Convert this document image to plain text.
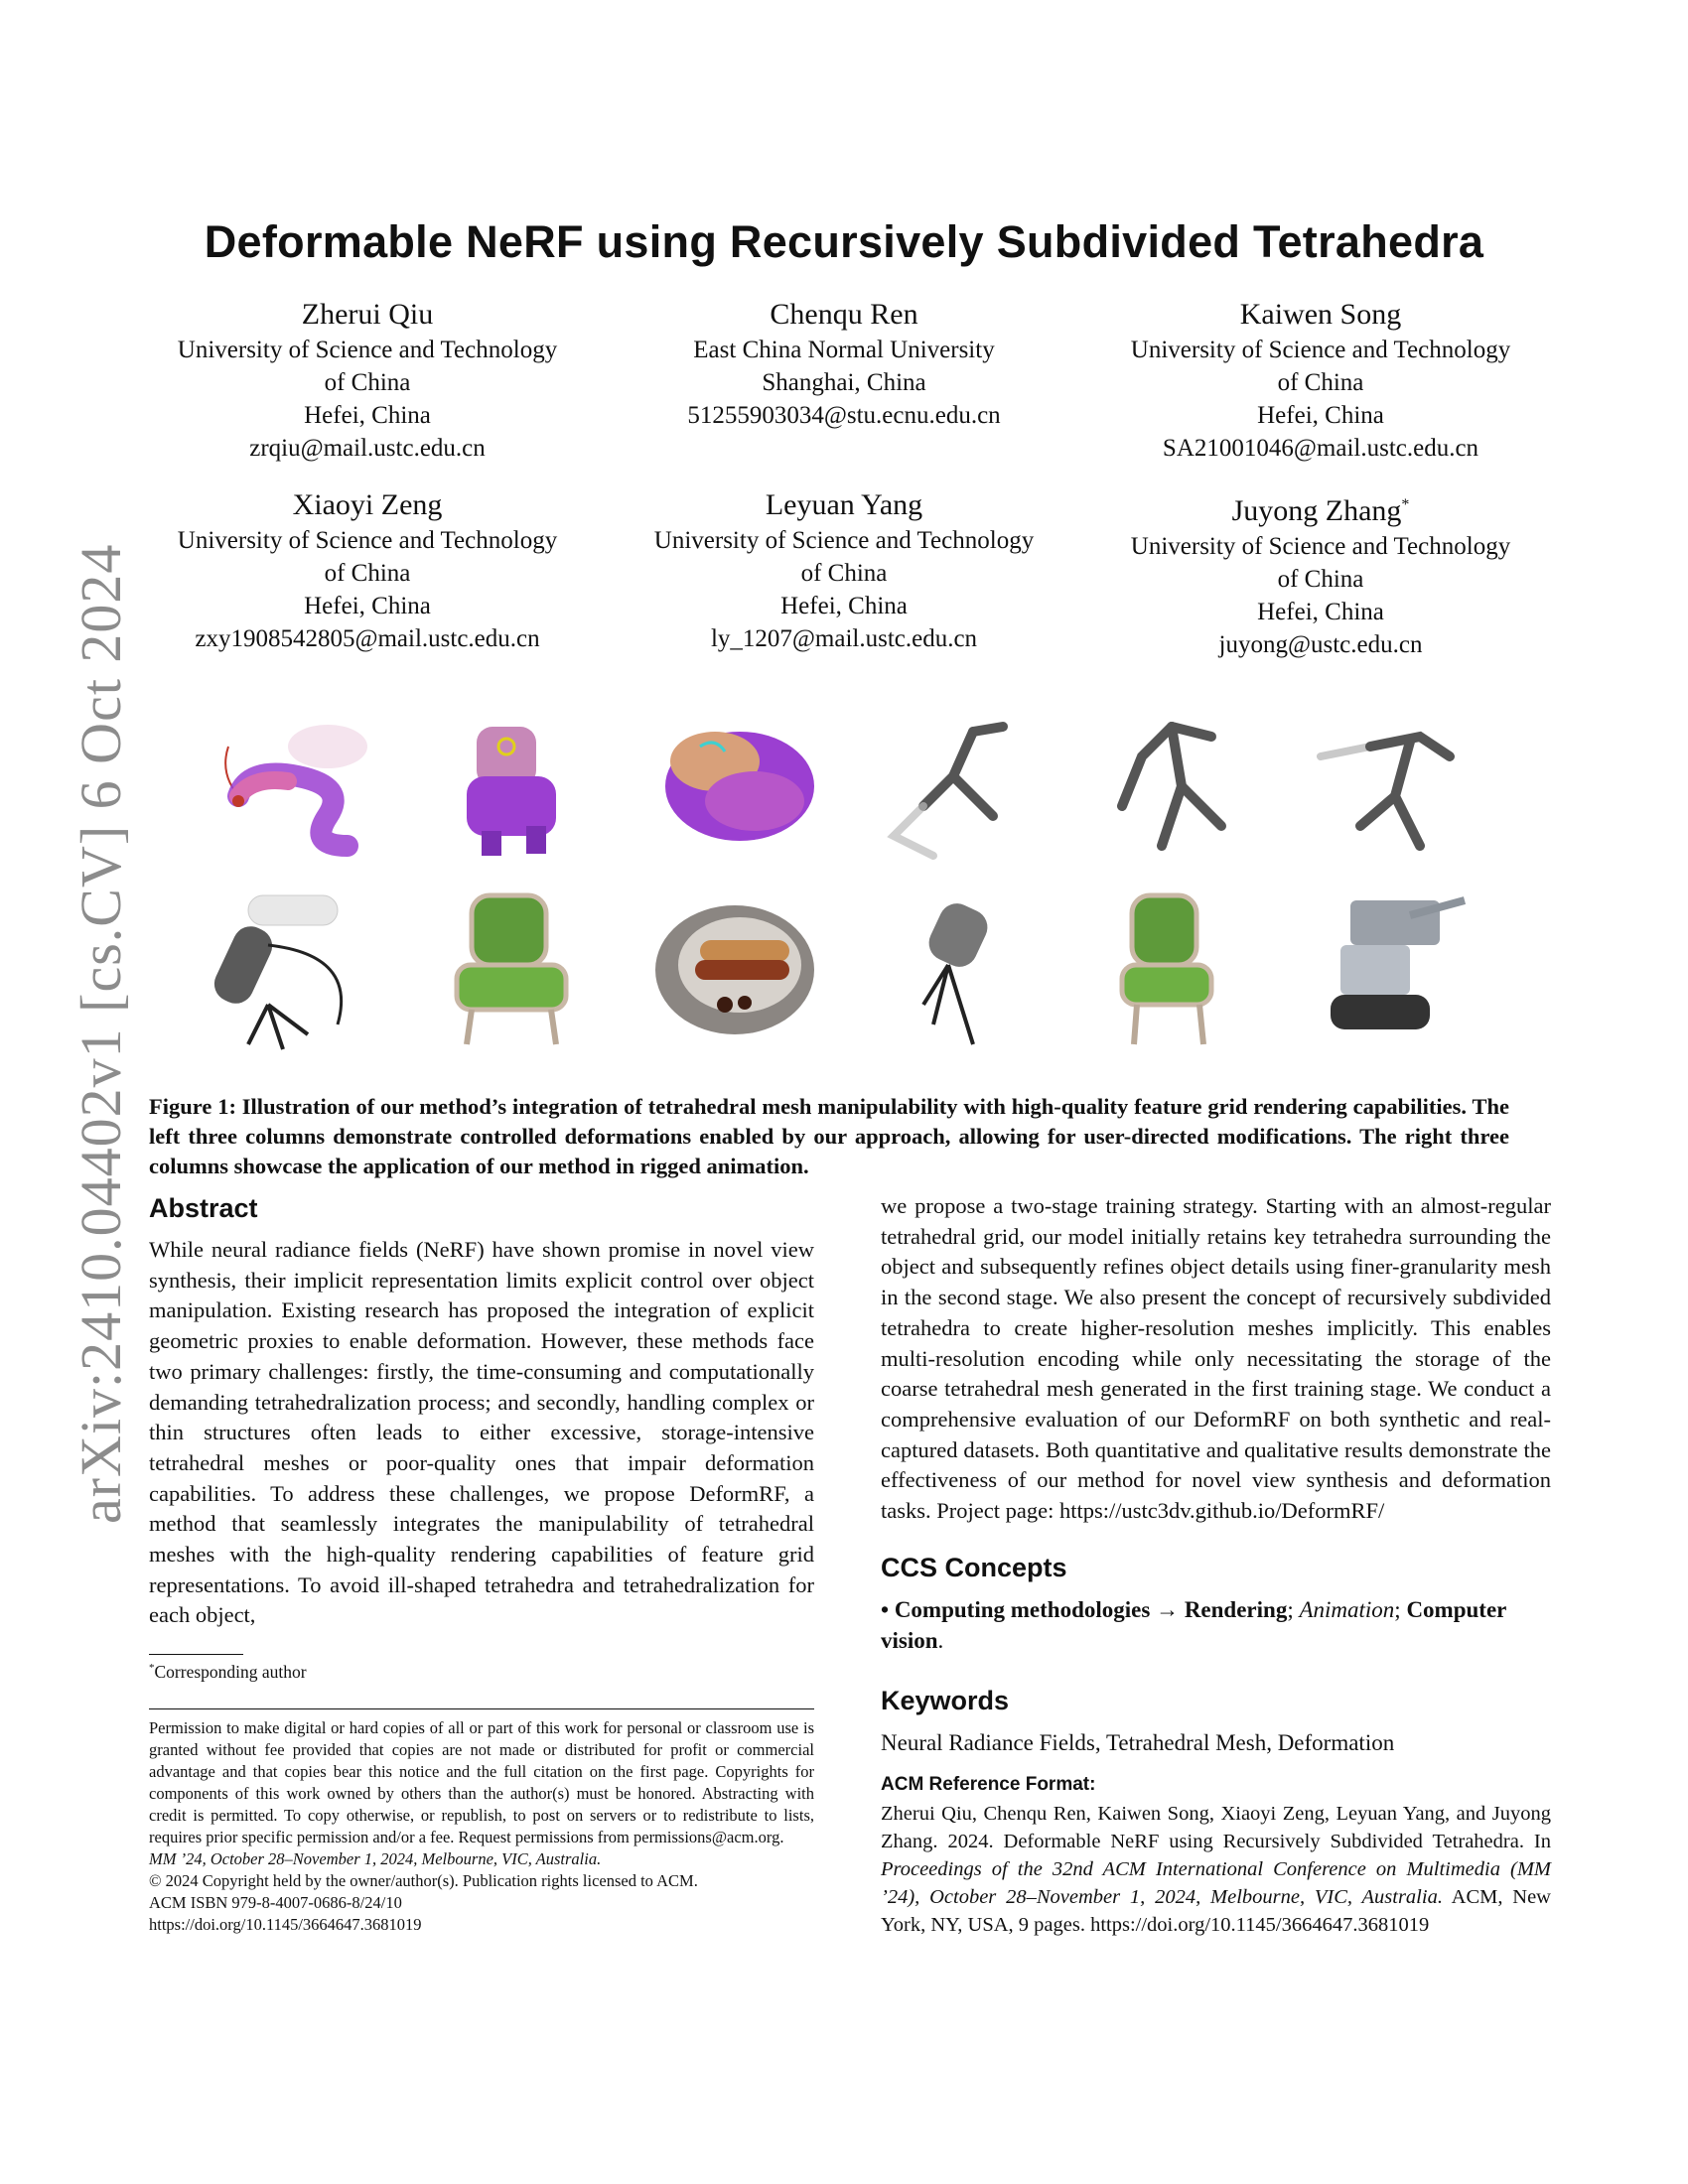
arXiv:2410.04402v1 [cs.CV] 6 Oct 2024
Deformable NeRF using Recursively Subdivided Tetrahedra
Zherui Qiu
University of Science and Technology
of China
Hefei, China
zrqiu@mail.ustc.edu.cn
Chenqu Ren
East China Normal University
Shanghai, China
51255903034@stu.ecnu.edu.cn
Kaiwen Song
University of Science and Technology
of China
Hefei, China
SA21001046@mail.ustc.edu.cn
Xiaoyi Zeng
University of Science and Technology
of China
Hefei, China
zxy1908542805@mail.ustc.edu.cn
Leyuan Yang
University of Science and Technology
of China
Hefei, China
ly_1207@mail.ustc.edu.cn
Juyong Zhang*
University of Science and Technology
of China
Hefei, China
juyong@ustc.edu.cn
Figure 1: Illustration of our method’s integration of tetrahedral mesh manipulability with high-quality feature grid rendering capabilities. The left three columns demonstrate controlled deformations enabled by our approach, allowing for user-directed modifications. The right three columns showcase the application of our method in rigged animation.
Abstract

While neural radiance fields (NeRF) have shown promise in novel view synthesis, their implicit representation limits explicit control over object manipulation. Existing research has proposed the integration of explicit geometric proxies to enable deformation. However, these methods face two primary challenges: firstly, the time-consuming and computationally demanding tetrahedralization process; and secondly, handling complex or thin structures often leads to either excessive, storage-intensive tetrahedral meshes or poor-quality ones that impair deformation capabilities. To address these challenges, we propose DeformRF, a method that seamlessly integrates the manipulability of tetrahedral meshes with the high-quality rendering capabilities of feature grid representations. To avoid ill-shaped tetrahedra and tetrahedralization for each object,

*Corresponding author
Permission to make digital or hard copies of all or part of this work for personal or classroom use is granted without fee provided that copies are not made or distributed for profit or commercial advantage and that copies bear this notice and the full citation on the first page. Copyrights for components of this work owned by others than the author(s) must be honored. Abstracting with credit is permitted. To copy otherwise, or republish, to post on servers or to redistribute to lists, requires prior specific permission and/or a fee. Request permissions from permissions@acm.org.
MM ’24, October 28–November 1, 2024, Melbourne, VIC, Australia.
© 2024 Copyright held by the owner/author(s). Publication rights licensed to ACM.
ACM ISBN 979-8-4007-0686-8/24/10
https://doi.org/10.1145/3664647.3681019

we propose a two-stage training strategy. Starting with an almost-regular tetrahedral grid, our model initially retains key tetrahedra surrounding the object and subsequently refines object details using finer-granularity mesh in the second stage. We also present the concept of recursively subdivided tetrahedra to create higher-resolution meshes implicitly. This enables multi-resolution encoding while only necessitating the storage of the coarse tetrahedral mesh generated in the first training stage. We conduct a comprehensive evaluation of our DeformRF on both synthetic and real-captured datasets. Both quantitative and qualitative results demonstrate the effectiveness of our method for novel view synthesis and deformation tasks. Project page: https://ustc3dv.github.io/DeformRF/

CCS Concepts

• Computing methodologies → Rendering; Animation; Computer vision.

Keywords

Neural Radiance Fields, Tetrahedral Mesh, Deformation

ACM Reference Format:

Zherui Qiu, Chenqu Ren, Kaiwen Song, Xiaoyi Zeng, Leyuan Yang, and Juyong Zhang. 2024. Deformable NeRF using Recursively Subdivided Tetrahedra. In Proceedings of the 32nd ACM International Conference on Multimedia (MM ’24), October 28–November 1, 2024, Melbourne, VIC, Australia. ACM, New York, NY, USA, 9 pages. https://doi.org/10.1145/3664647.3681019
